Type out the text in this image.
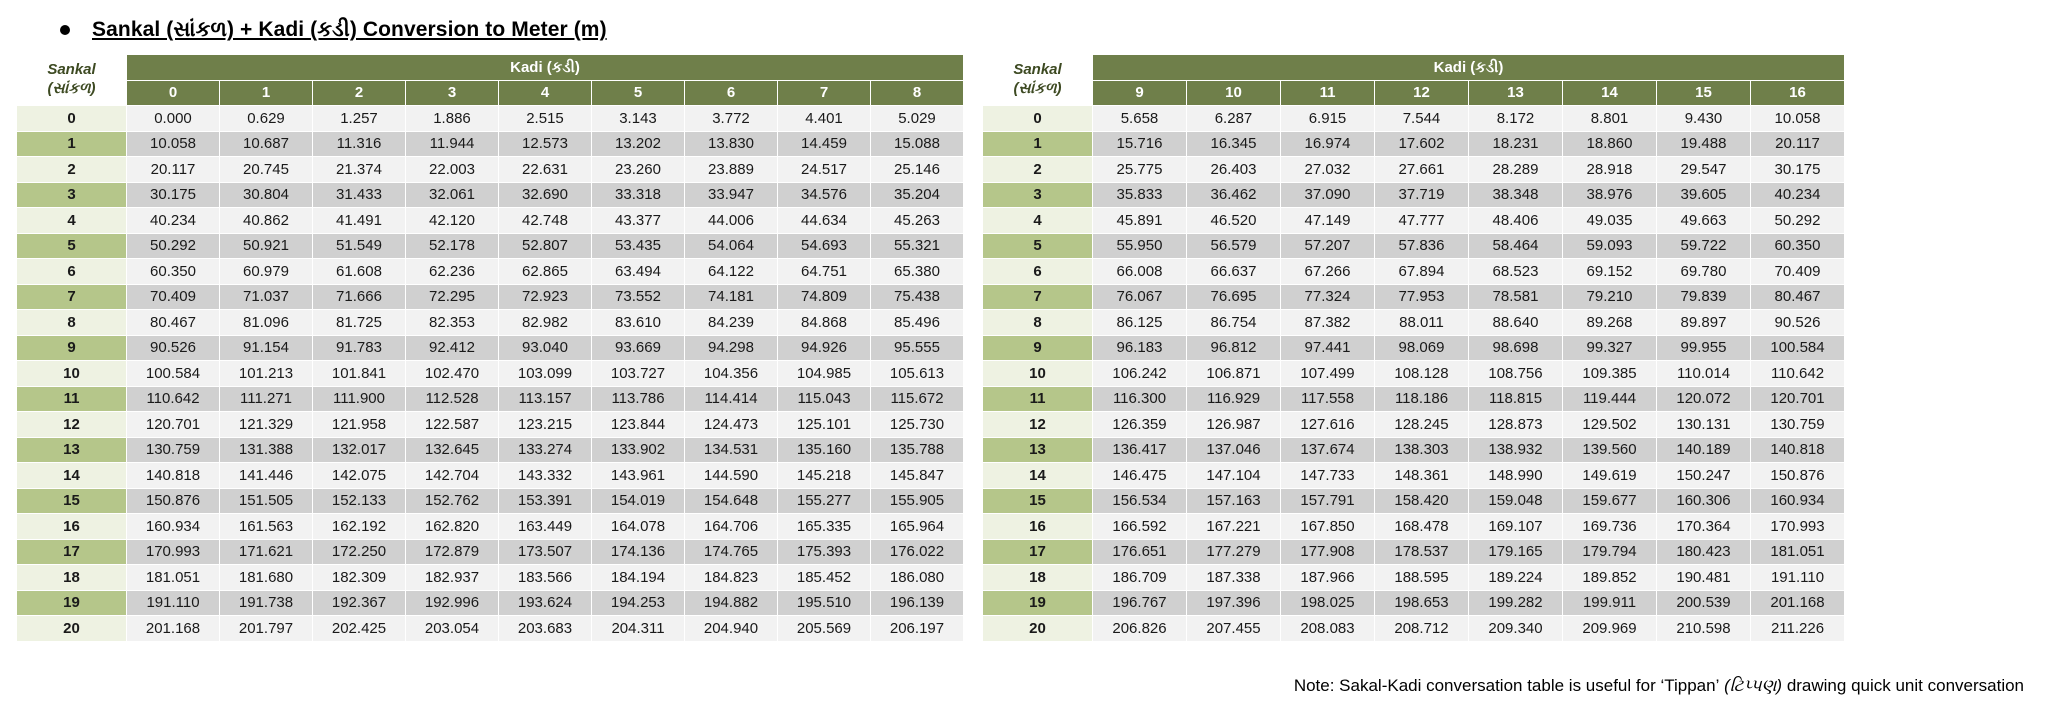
Sankal (સાંકળ) + Kadi (કડી) Conversion to Meter (m)
Sankal
(સાંકળ)	Kadi (કડી)								
	0	1	2	3	4	5	6	7	8
0	0.000	0.629	1.257	1.886	2.515	3.143	3.772	4.401	5.029
1	10.058	10.687	11.316	11.944	12.573	13.202	13.830	14.459	15.088
2	20.117	20.745	21.374	22.003	22.631	23.260	23.889	24.517	25.146
3	30.175	30.804	31.433	32.061	32.690	33.318	33.947	34.576	35.204
4	40.234	40.862	41.491	42.120	42.748	43.377	44.006	44.634	45.263
5	50.292	50.921	51.549	52.178	52.807	53.435	54.064	54.693	55.321
6	60.350	60.979	61.608	62.236	62.865	63.494	64.122	64.751	65.380
7	70.409	71.037	71.666	72.295	72.923	73.552	74.181	74.809	75.438
8	80.467	81.096	81.725	82.353	82.982	83.610	84.239	84.868	85.496
9	90.526	91.154	91.783	92.412	93.040	93.669	94.298	94.926	95.555
10	100.584	101.213	101.841	102.470	103.099	103.727	104.356	104.985	105.613
11	110.642	111.271	111.900	112.528	113.157	113.786	114.414	115.043	115.672
12	120.701	121.329	121.958	122.587	123.215	123.844	124.473	125.101	125.730
13	130.759	131.388	132.017	132.645	133.274	133.902	134.531	135.160	135.788
14	140.818	141.446	142.075	142.704	143.332	143.961	144.590	145.218	145.847
15	150.876	151.505	152.133	152.762	153.391	154.019	154.648	155.277	155.905
16	160.934	161.563	162.192	162.820	163.449	164.078	164.706	165.335	165.964
17	170.993	171.621	172.250	172.879	173.507	174.136	174.765	175.393	176.022
18	181.051	181.680	182.309	182.937	183.566	184.194	184.823	185.452	186.080
19	191.110	191.738	192.367	192.996	193.624	194.253	194.882	195.510	196.139
20	201.168	201.797	202.425	203.054	203.683	204.311	204.940	205.569	206.197
Sankal
(સાંકળ)	Kadi (કડી)							
	9	10	11	12	13	14	15	16
0	5.658	6.287	6.915	7.544	8.172	8.801	9.430	10.058
1	15.716	16.345	16.974	17.602	18.231	18.860	19.488	20.117
2	25.775	26.403	27.032	27.661	28.289	28.918	29.547	30.175
3	35.833	36.462	37.090	37.719	38.348	38.976	39.605	40.234
4	45.891	46.520	47.149	47.777	48.406	49.035	49.663	50.292
5	55.950	56.579	57.207	57.836	58.464	59.093	59.722	60.350
6	66.008	66.637	67.266	67.894	68.523	69.152	69.780	70.409
7	76.067	76.695	77.324	77.953	78.581	79.210	79.839	80.467
8	86.125	86.754	87.382	88.011	88.640	89.268	89.897	90.526
9	96.183	96.812	97.441	98.069	98.698	99.327	99.955	100.584
10	106.242	106.871	107.499	108.128	108.756	109.385	110.014	110.642
11	116.300	116.929	117.558	118.186	118.815	119.444	120.072	120.701
12	126.359	126.987	127.616	128.245	128.873	129.502	130.131	130.759
13	136.417	137.046	137.674	138.303	138.932	139.560	140.189	140.818
14	146.475	147.104	147.733	148.361	148.990	149.619	150.247	150.876
15	156.534	157.163	157.791	158.420	159.048	159.677	160.306	160.934
16	166.592	167.221	167.850	168.478	169.107	169.736	170.364	170.993
17	176.651	177.279	177.908	178.537	179.165	179.794	180.423	181.051
18	186.709	187.338	187.966	188.595	189.224	189.852	190.481	191.110
19	196.767	197.396	198.025	198.653	199.282	199.911	200.539	201.168
20	206.826	207.455	208.083	208.712	209.340	209.969	210.598	211.226
Note: Sakal-Kadi conversation table is useful for ‘Tippan’ (ટિપ્પણ) drawing quick unit conversation
